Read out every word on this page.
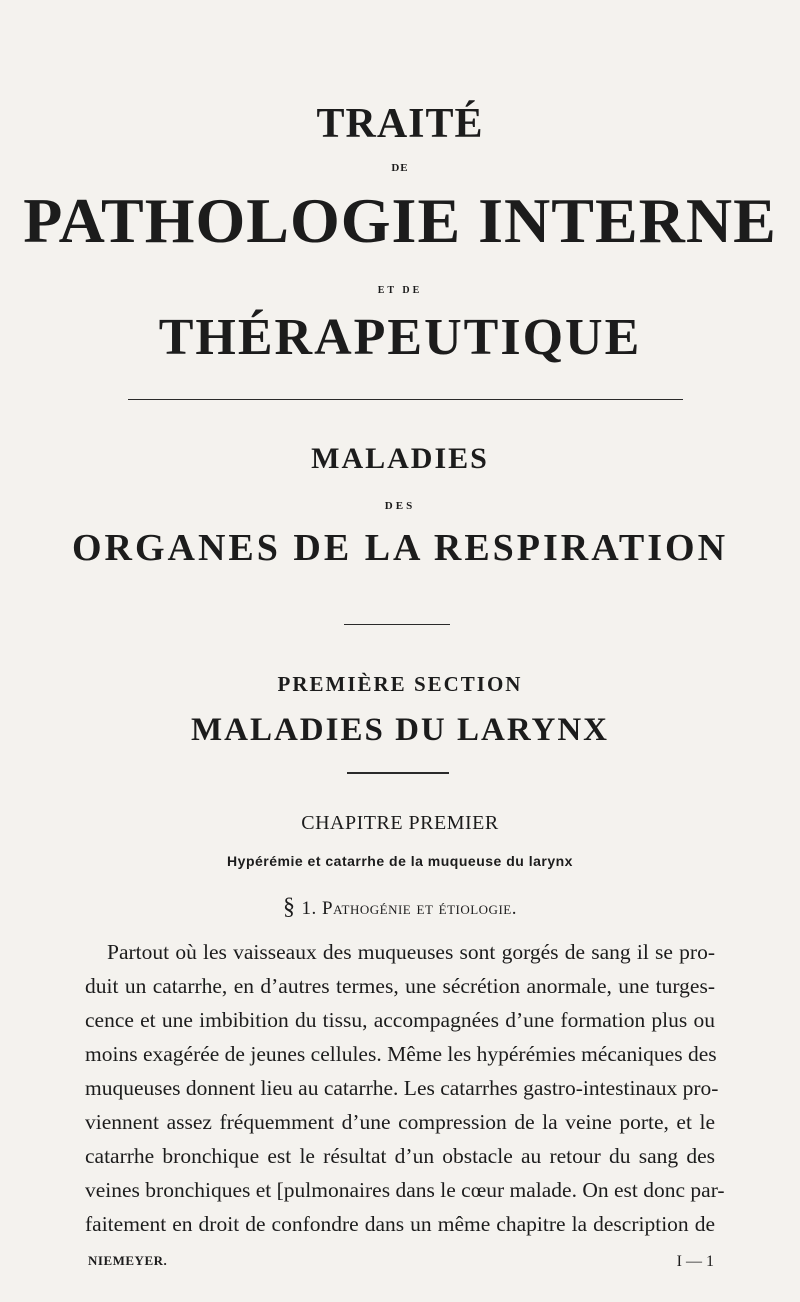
TRAITÉ
DE
PATHOLOGIE INTERNE
ET DE
THÉRAPEUTIQUE
MALADIES
DES
ORGANES DE LA RESPIRATION
PREMIÈRE SECTION
MALADIES DU LARYNX
CHAPITRE PREMIER
Hypérémie et catarrhe de la muqueuse du larynx
§ 1. Pathogénie et étiologie.
Partout où les vaisseaux des muqueuses sont gorgés de sang il se pro-
duit un catarrhe, en d’autres termes, une sécrétion anormale, une turges-
cence et une imbibition du tissu, accompagnées d’une formation plus ou
moins exagérée de jeunes cellules. Même les hypérémies mécaniques des
muqueuses donnent lieu au catarrhe. Les catarrhes gastro-intestinaux pro-
viennent assez fréquemment d’une compression de la veine porte, et le
catarrhe bronchique est le résultat d’un obstacle au retour du sang des
veines bronchiques et [pulmonaires dans le cœur malade. On est donc par-
faitement en droit de confondre dans un même chapitre la description de
NIEMEYER.	I — 1
